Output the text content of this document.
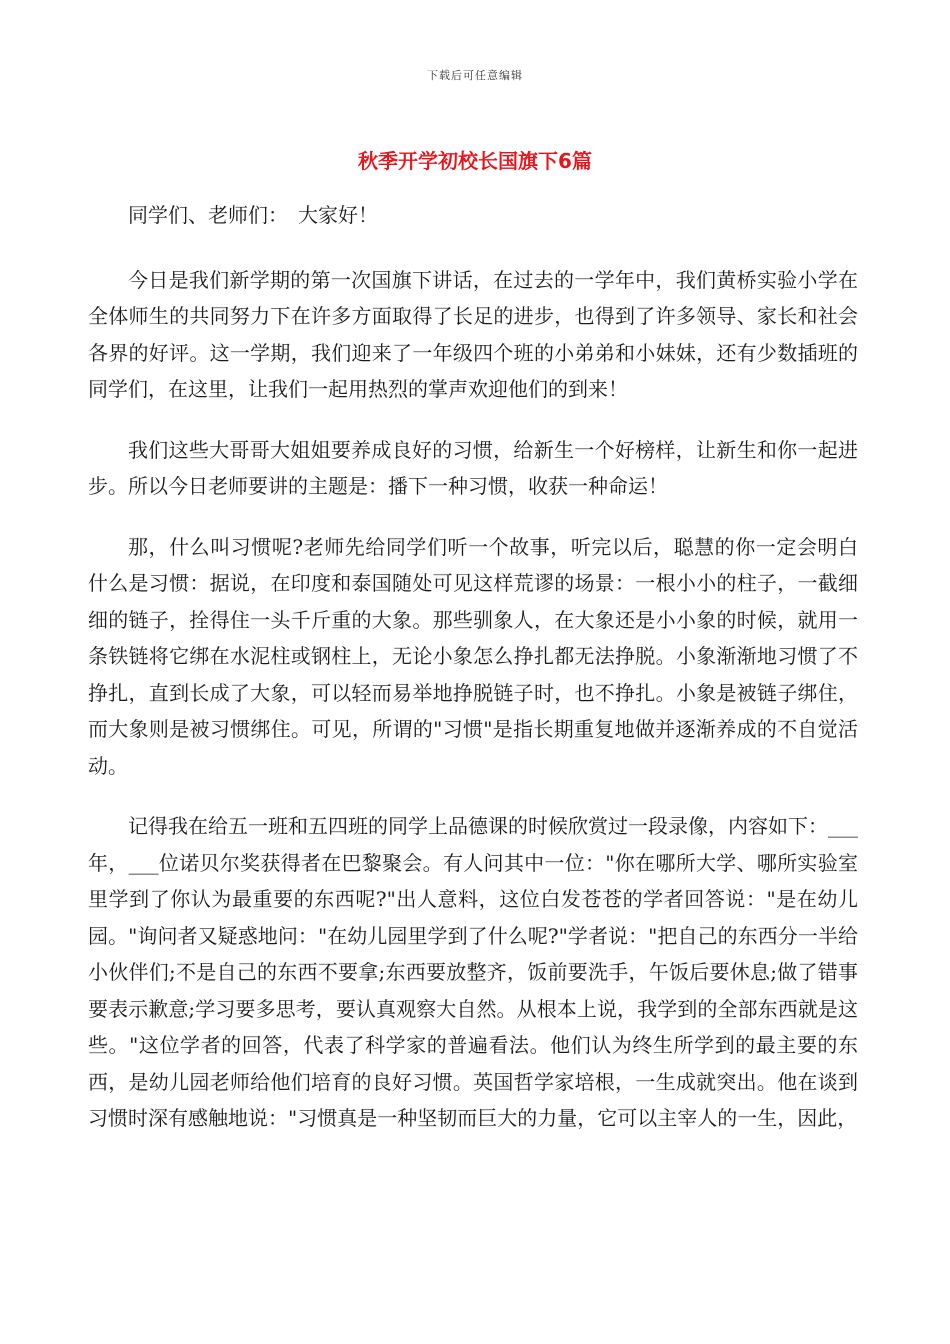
下载后可任意编辑
秋季开学初校长国旗下6篇

同学们、老师们：　大家好！

今日是我们新学期的第一次国旗下讲话，在过去的一学年中，我们黄桥实验小学在全体师生的共同努力下在许多方面取得了长足的进步，也得到了许多领导、家长和社会各界的好评。这一学期，我们迎来了一年级四个班的小弟弟和小妹妹，还有少数插班的同学们，在这里，让我们一起用热烈的掌声欢迎他们的到来！

我们这些大哥哥大姐姐要养成良好的习惯，给新生一个好榜样，让新生和你一起进步。所以今日老师要讲的主题是：播下一种习惯，收获一种命运！

那，什么叫习惯呢?老师先给同学们听一个故事，听完以后，聪慧的你一定会明白什么是习惯：据说，在印度和泰国随处可见这样荒谬的场景：一根小小的柱子，一截细细的链子，拴得住一头千斤重的大象。那些驯象人，在大象还是小小象的时候，就用一条铁链将它绑在水泥柱或钢柱上，无论小象怎么挣扎都无法挣脱。小象渐渐地习惯了不挣扎，直到长成了大象，可以轻而易举地挣脱链子时，也不挣扎。小象是被链子绑住，而大象则是被习惯绑住。可见，所谓的"习惯"是指长期重复地做并逐渐养成的不自觉活动。

记得我在给五一班和五四班的同学上品德课的时候欣赏过一段录像，内容如下：___年，___位诺贝尔奖获得者在巴黎聚会。有人问其中一位："你在哪所大学、哪所实验室里学到了你认为最重要的东西呢?"出人意料，这位白发苍苍的学者回答说："是在幼儿园。"询问者又疑惑地问："在幼儿园里学到了什么呢?"学者说："把自己的东西分一半给小伙伴们;不是自己的东西不要拿;东西要放整齐，饭前要洗手，午饭后要休息;做了错事要表示歉意;学习要多思考，要认真观察大自然。从根本上说，我学到的全部东西就是这些。"这位学者的回答，代表了科学家的普遍看法。他们认为终生所学到的最主要的东西，是幼儿园老师给他们培育的良好习惯。英国哲学家培根，一生成就突出。他在谈到习惯时深有感触地说："习惯真是一种坚韧而巨大的力量，它可以主宰人的一生，因此，
